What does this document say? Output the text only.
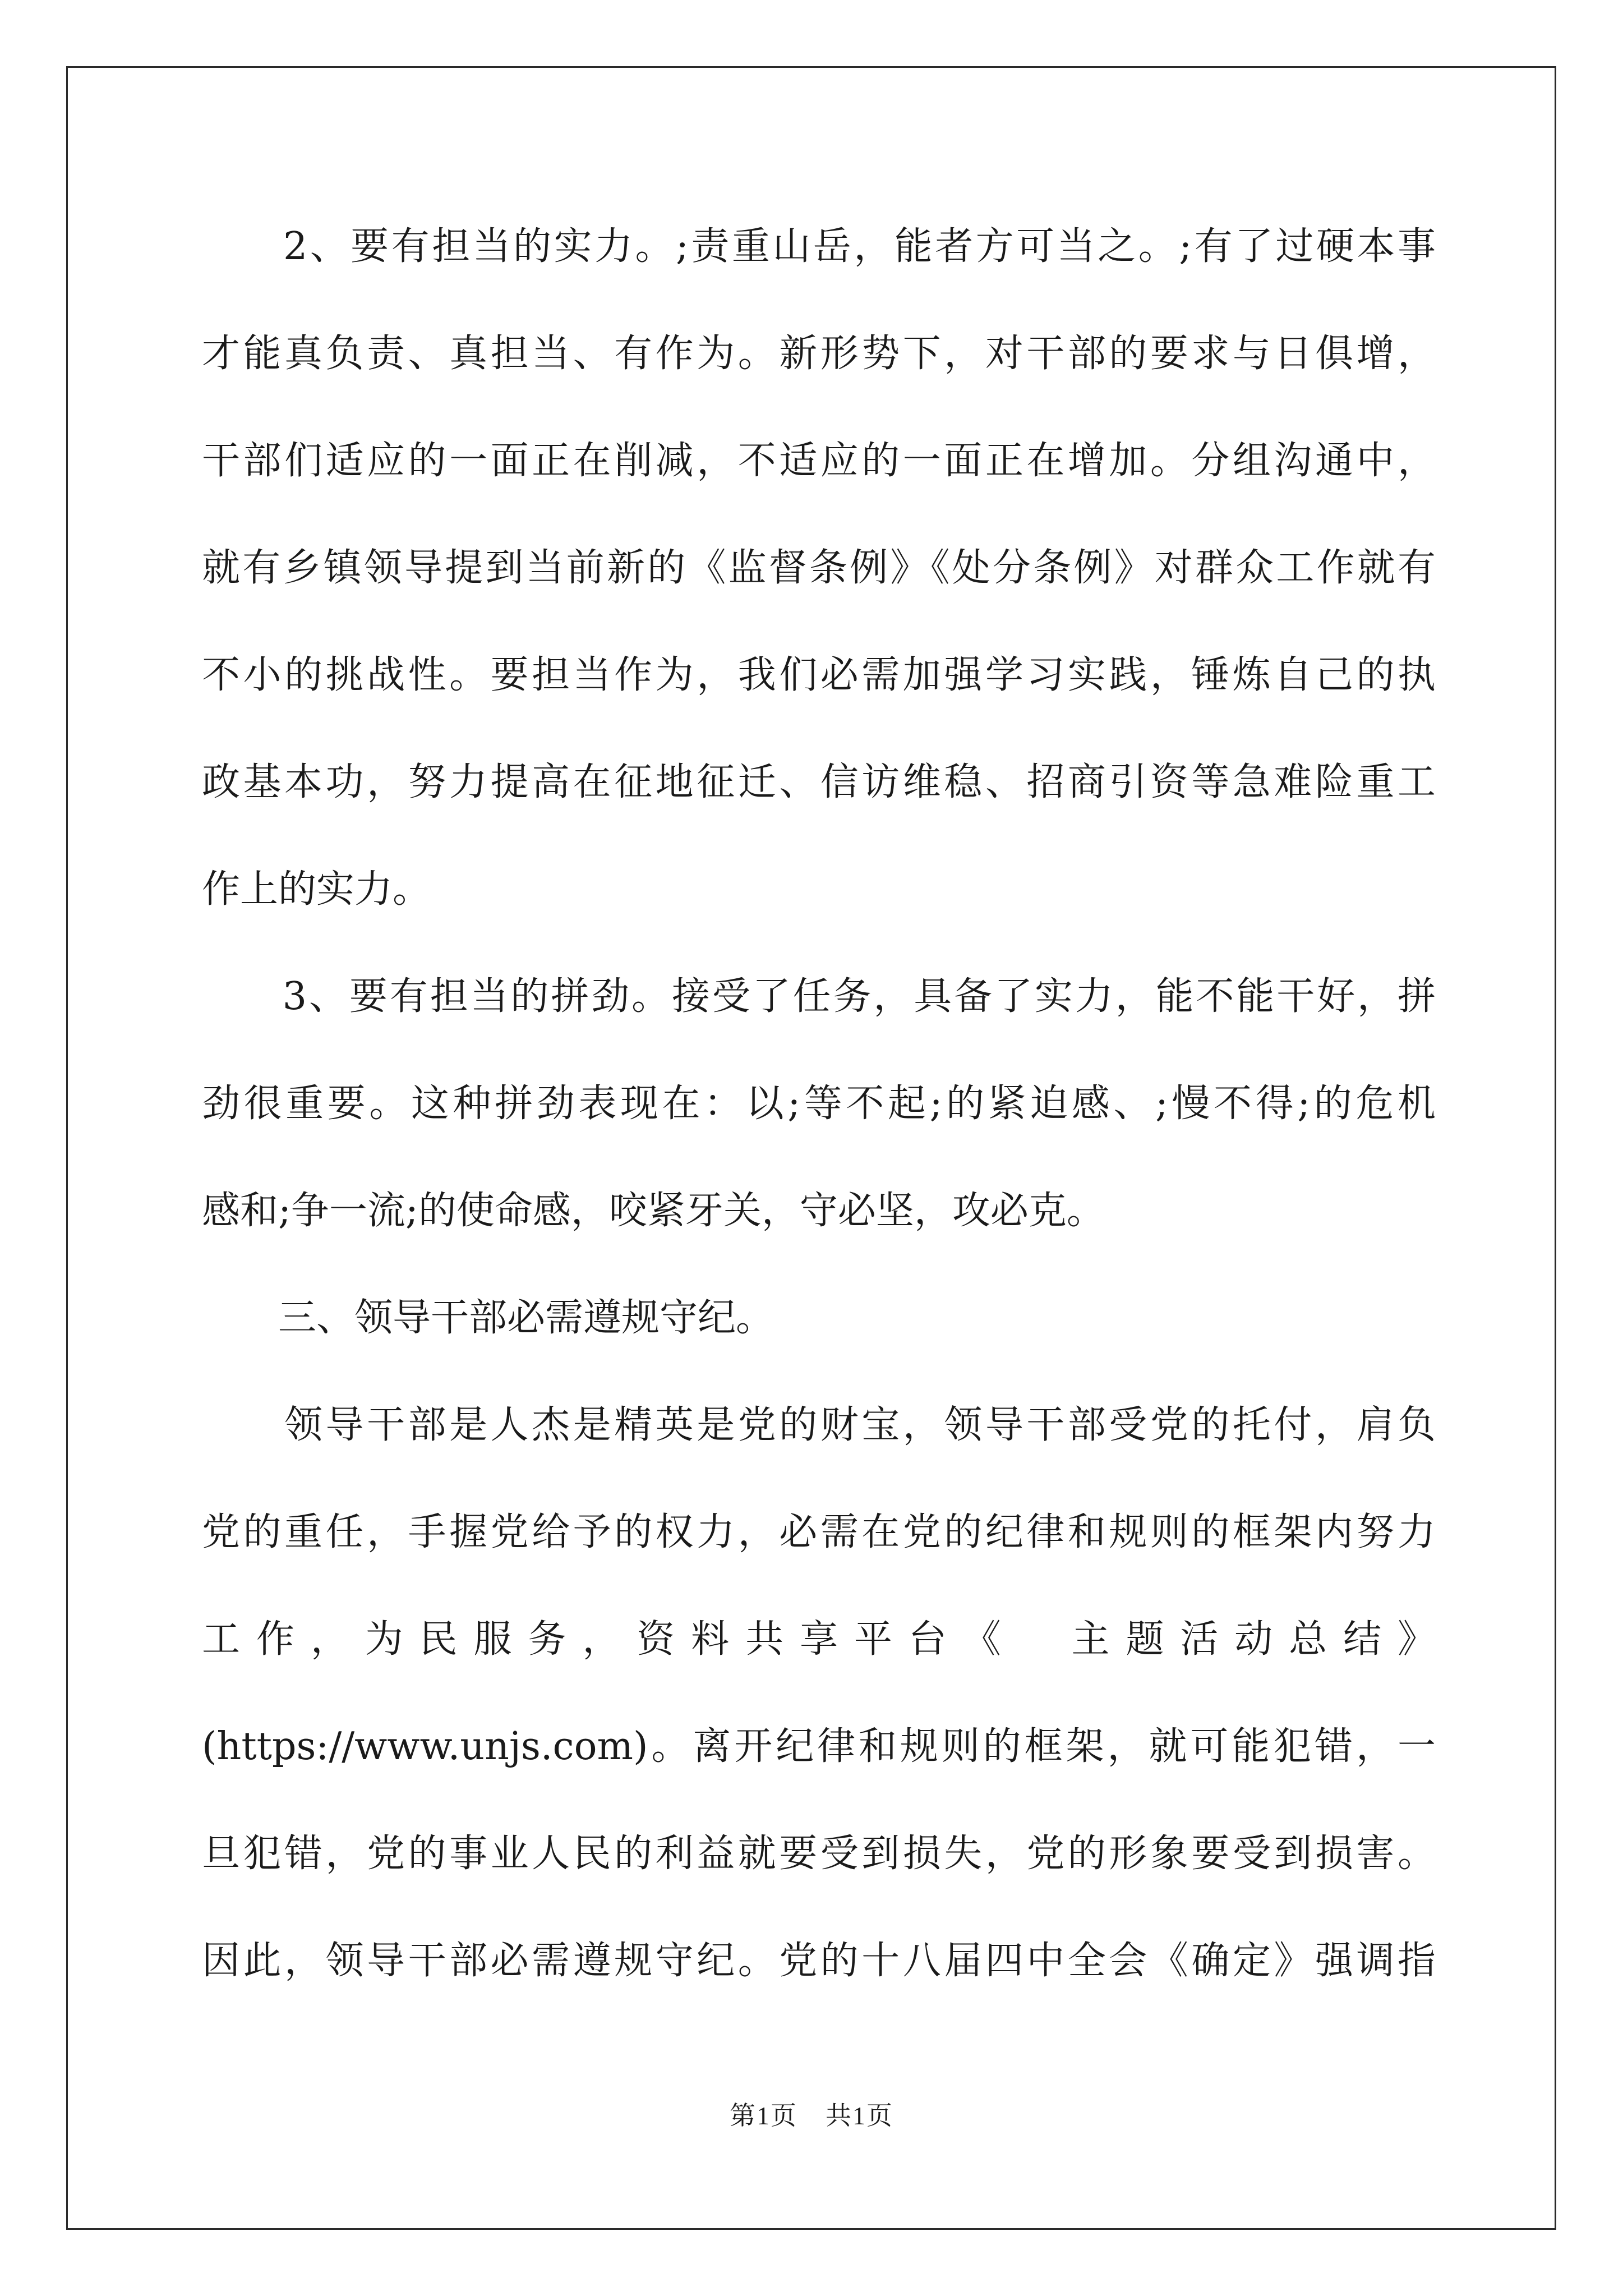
　　2、要有担当的实力。;责重山岳，能者方可当之。;有了过硬本事
才能真负责、真担当、有作为。新形势下，对干部的要求与日俱增，
干部们适应的一面正在削减，不适应的一面正在增加。分组沟通中，
就有乡镇领导提到当前新的《监督条例》《处分条例》对群众工作就有
不小的挑战性。要担当作为，我们必需加强学习实践，锤炼自己的执
政基本功，努力提高在征地征迁、信访维稳、招商引资等急难险重工
作上的实力。
　　3、要有担当的拼劲。接受了任务，具备了实力，能不能干好，拼
劲很重要。这种拼劲表现在：以;等不起;的紧迫感、;慢不得;的危机
感和;争一流;的使命感，咬紧牙关，守必坚，攻必克。
　　三、领导干部必需遵规守纪。
　　领导干部是人杰是精英是党的财宝，领导干部受党的托付，肩负
党的重任，手握党给予的权力，必需在党的纪律和规则的框架内努力
工作，为民服务，资料共享平台《　主题活动总结》
(https://www.unjs.com)。离开纪律和规则的框架，就可能犯错，一
旦犯错，党的事业人民的利益就要受到损失，党的形象要受到损害。
因此，领导干部必需遵规守纪。党的十八届四中全会《确定》强调指
第1页 共1页
